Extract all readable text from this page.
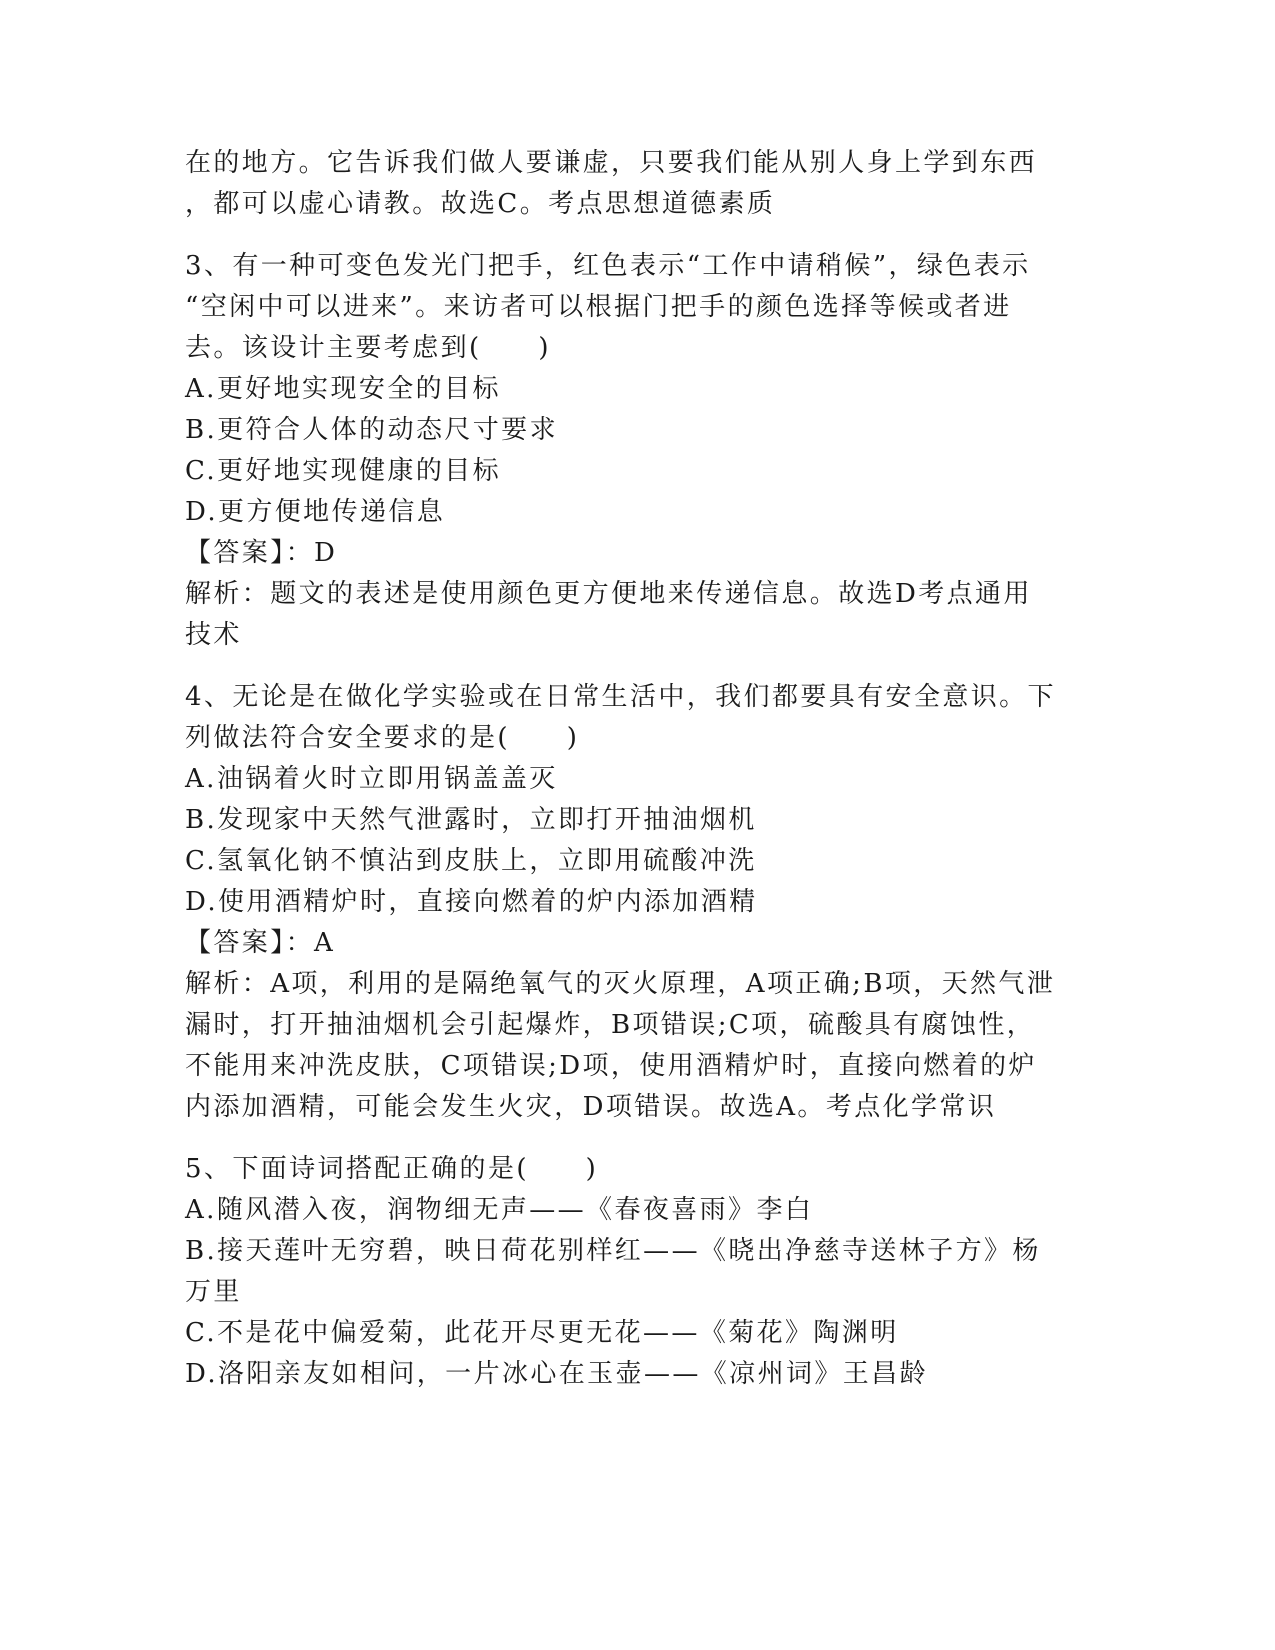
在的地方。它告诉我们做人要谦虚，只要我们能从别人身上学到东西
，都可以虚心请教。故选C。考点思想道德素质
3、有一种可变色发光门把手，红色表示“工作中请稍候”，绿色表示
“空闲中可以进来”。来访者可以根据门把手的颜色选择等候或者进
去。该设计主要考虑到(　　)
A.更好地实现安全的目标
B.更符合人体的动态尺寸要求
C.更好地实现健康的目标
D.更方便地传递信息
【答案】：D
解析：题文的表述是使用颜色更方便地来传递信息。故选D考点通用
技术
4、无论是在做化学实验或在日常生活中，我们都要具有安全意识。下
列做法符合安全要求的是(　　)
A.油锅着火时立即用锅盖盖灭
B.发现家中天然气泄露时，立即打开抽油烟机
C.氢氧化钠不慎沾到皮肤上，立即用硫酸冲洗
D.使用酒精炉时，直接向燃着的炉内添加酒精
【答案】：A
解析：A项，利用的是隔绝氧气的灭火原理，A项正确;B项，天然气泄
漏时，打开抽油烟机会引起爆炸，B项错误;C项，硫酸具有腐蚀性，
不能用来冲洗皮肤，C项错误;D项，使用酒精炉时，直接向燃着的炉
内添加酒精，可能会发生火灾，D项错误。故选A。考点化学常识
5、下面诗词搭配正确的是(　　)
A.随风潜入夜，润物细无声——《春夜喜雨》李白
B.接天莲叶无穷碧，映日荷花别样红——《晓出净慈寺送林子方》杨
万里
C.不是花中偏爱菊，此花开尽更无花——《菊花》陶渊明
D.洛阳亲友如相问，一片冰心在玉壶——《凉州词》王昌龄
